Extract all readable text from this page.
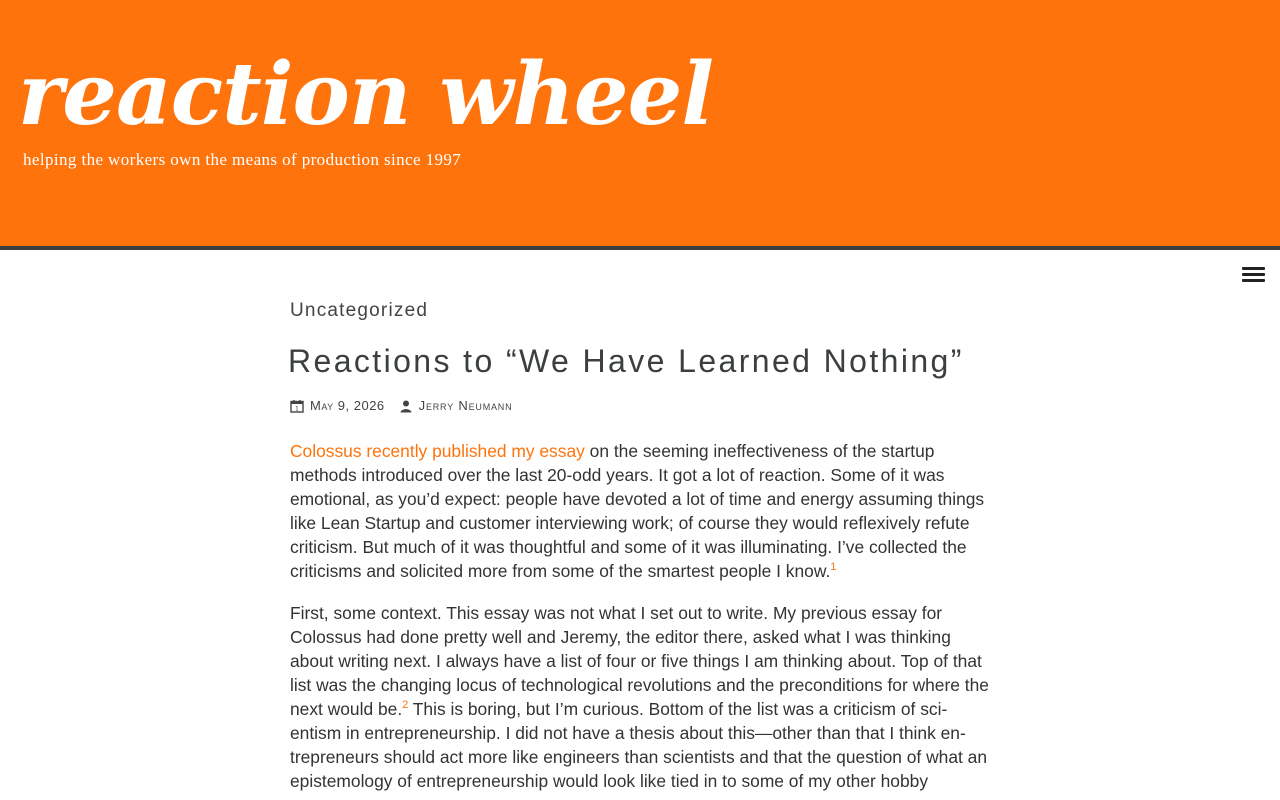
reaction wheel
helping the workers own the means of production since 1997
Uncategorized
Reactions to “We Have Learned Nothing”
1 May 9, 2026	Jerry Neumann

Colossus recently published my essay on the seeming ineffectiveness of the startup methods introduced over the last 20-odd years. It got a lot of reaction. Some of it was emotional, as you’d expect: people have devoted a lot of time and energy assuming things like Lean Startup and customer interviewing work; of course they would reflexively refute criticism. But much of it was thoughtful and some of it was illuminating. I’ve collected the criticisms and solicited more from some of the smartest people I know.$^1$

First, some context. This essay was not what I set out to write. My previous essay for Colossus had done pretty well and Jeremy, the editor there, asked what I was thinking about writing next. I always have a list of four or five things I am thinking about. Top of that list was the changing locus of technological revolutions and the preconditions for where the next would be.$^2$ This is boring, but I’m curious. Bottom of the list was a criticism of scientism in entrepreneurship. I did not have a thesis about this—other than that I think entrepreneurs should act more like engineers than scientists and that the question of what an epistemology of entrepreneurship would look like tied in to some of my other hobby
